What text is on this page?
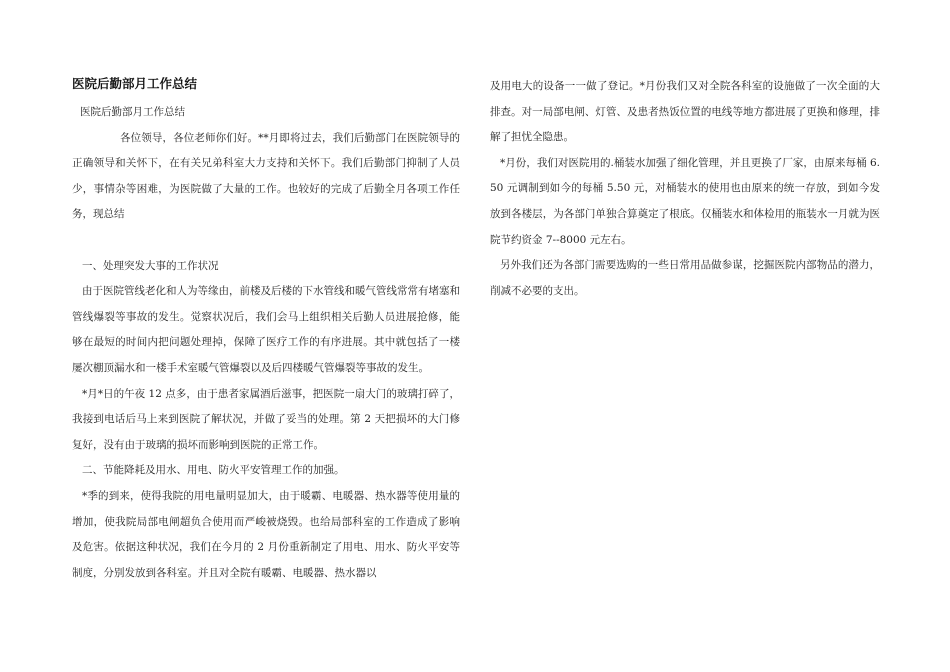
医院后勤部月工作总结

医院后勤部月工作总结

各位领导，各位老师你们好。**月即将过去，我们后勤部门在医院领导的正确领导和关怀下，在有关兄弟科室大力支持和关怀下。我们后勤部门抑制了人员少，事情杂等困难，为医院做了大量的工作。也较好的完成了后勤全月各项工作任务，现总结

一、处理突发大事的工作状况

由于医院管线老化和人为等缘由，前楼及后楼的下水管线和暖气管线常常有堵塞和管线爆裂等事故的发生。觉察状况后，我们会马上组织相关后勤人员进展抢修，能够在最短的时间内把问题处理掉，保障了医疗工作的有序进展。其中就包括了一楼屡次棚顶漏水和一楼手术室暖气管爆裂以及后四楼暖气管爆裂等事故的发生。

*月*日的午夜 12 点多，由于患者家属酒后滋事，把医院一扇大门的玻璃打碎了，我接到电话后马上来到医院了解状况，并做了妥当的处理。第 2 天把损坏的大门修复好，没有由于玻璃的损坏而影响到医院的正常工作。

二、节能降耗及用水、用电、防火平安管理工作的加强。

*季的到来，使得我院的用电量明显加大，由于暖霸、电暖器、热水器等使用量的增加，使我院局部电闸超负合使用而严峻被烧毁。也给局部科室的工作造成了影响及危害。依据这种状况，我们在今月的 2 月份重新制定了用电、用水、防火平安等制度，分别发放到各科室。并且对全院有暖霸、电暖器、热水器以

及用电大的设备一一做了登记。*月份我们又对全院各科室的设施做了一次全面的大排查。对一局部电闸、灯管、及患者热饭位置的电线等地方都进展了更换和修理，排解了担忧全隐患。

*月份，我们对医院用的.桶装水加强了细化管理，并且更换了厂家，由原来每桶 6.50 元调制到如今的每桶 5.50 元，对桶装水的使用也由原来的统一存放，到如今发放到各楼层，为各部门单独合算奠定了根底。仅桶装水和体检用的瓶装水一月就为医院节约资金 7--8000 元左右。

另外我们还为各部门需要选购的一些日常用品做参谋，挖掘医院内部物品的潜力，削减不必要的支出。
